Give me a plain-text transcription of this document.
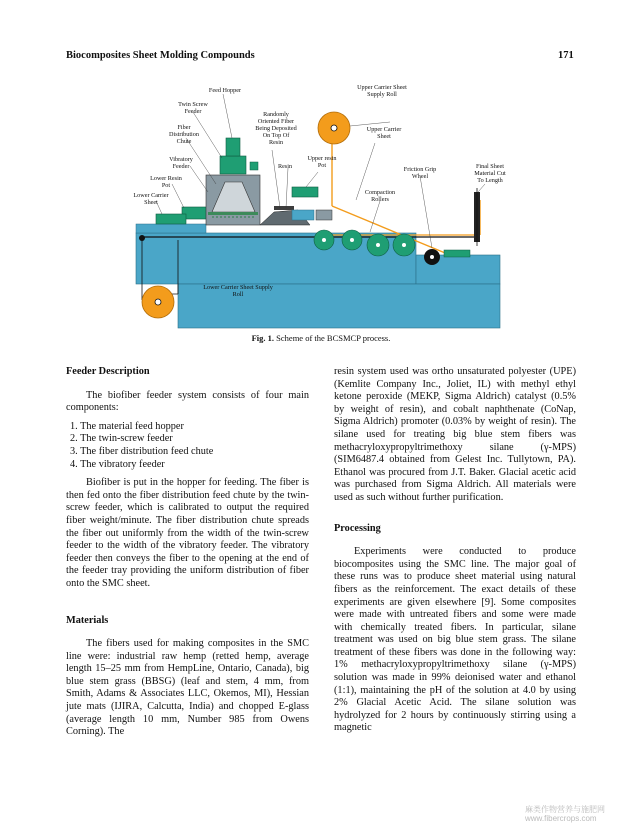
Biocomposites Sheet Molding Compounds	171
Feed Hopper
Twin Screw
Feeder
Fiber
Distribution
Chute
Randomly
Oriented Fiber
Being Deposited
On Top Of
Resin
Upper Carrier Sheet
Supply Roll
Upper Carrier
Sheet
Vibratory
Feeder	Resin
Upper resin
Pot
Lower Resin
Pot
Lower Carrier
Sheet
Friction Grip
Wheel
Compaction
Rollers
Final Sheet
Material Cut
To Length
Lower Carrier Sheet Supply
Roll
Fig. 1. Scheme of the BCSMCP process.
Feeder Description

The biofiber feeder system consists of four main components:

1. The material feed hopper
2. The twin-screw feeder
3. The fiber distribution feed chute
4. The vibratory feeder

Biofiber is put in the hopper for feeding. The fiber is then fed onto the fiber distribution feed chute by the twin-screw feeder, which is calibrated to output the required fiber weight/minute. The fiber distribution chute spreads the fiber out uniformly from the width of the twin-screw feeder to the width of the vibratory feeder. The vibratory feeder then conveys the fiber to the opening at the end of the feeder tray providing the uniform distribution of fiber onto the SMC sheet.

Materials

The fibers used for making composites in the SMC line were: industrial raw hemp (retted hemp, average length 15–25 mm from HempLine, Ontario, Canada), big blue stem grass (BBSG) (leaf and stem, 4 mm, from Smith, Adams & Associates LLC, Okemos, MI), Hessian jute mats (IJIRA, Calcutta, India) and chopped E-glass (average length 10 mm, Number 985 from Owens Corning). The

resin system used was ortho unsaturated polyester (UPE) (Kemlite Company Inc., Joliet, IL) with methyl ethyl ketone peroxide (MEKP, Sigma Aldrich) catalyst (0.5% by weight of resin), and cobalt naphthenate (CoNap, Sigma Aldrich) promoter (0.03% by weight of resin). The silane used for treating big blue stem fibers was methacryloxypropyltrimethoxy silane (γ-MPS) (SIM6487.4 obtained from Gelest Inc. Tullytown, PA). Ethanol was procured from J.T. Baker. Glacial acetic acid was purchased from Sigma Aldrich. All materials were used as such without further purification.

Processing

Experiments were conducted to produce biocomposites using the SMC line. The major goal of these runs was to produce sheet material using natural fibers as the reinforcement. The exact details of these experiments are given elsewhere [9]. Some composites were made with untreated fibers and some were made with chemically treated fibers. In particular, silane treatment was used on big blue stem grass. The silane treatment of these fibers was done in the following way: 1% methacryloxypropyltrimethoxy silane (γ-MPS) solution was made in 99% deionised water and ethanol (1:1), maintaining the pH of the solution at 4.0 by using 2% Glacial Acetic Acid. The silane solution was hydrolyzed for 2 hours by continuously stirring using a magnetic

麻类作物营养与施肥网
www.fibercrops.com
